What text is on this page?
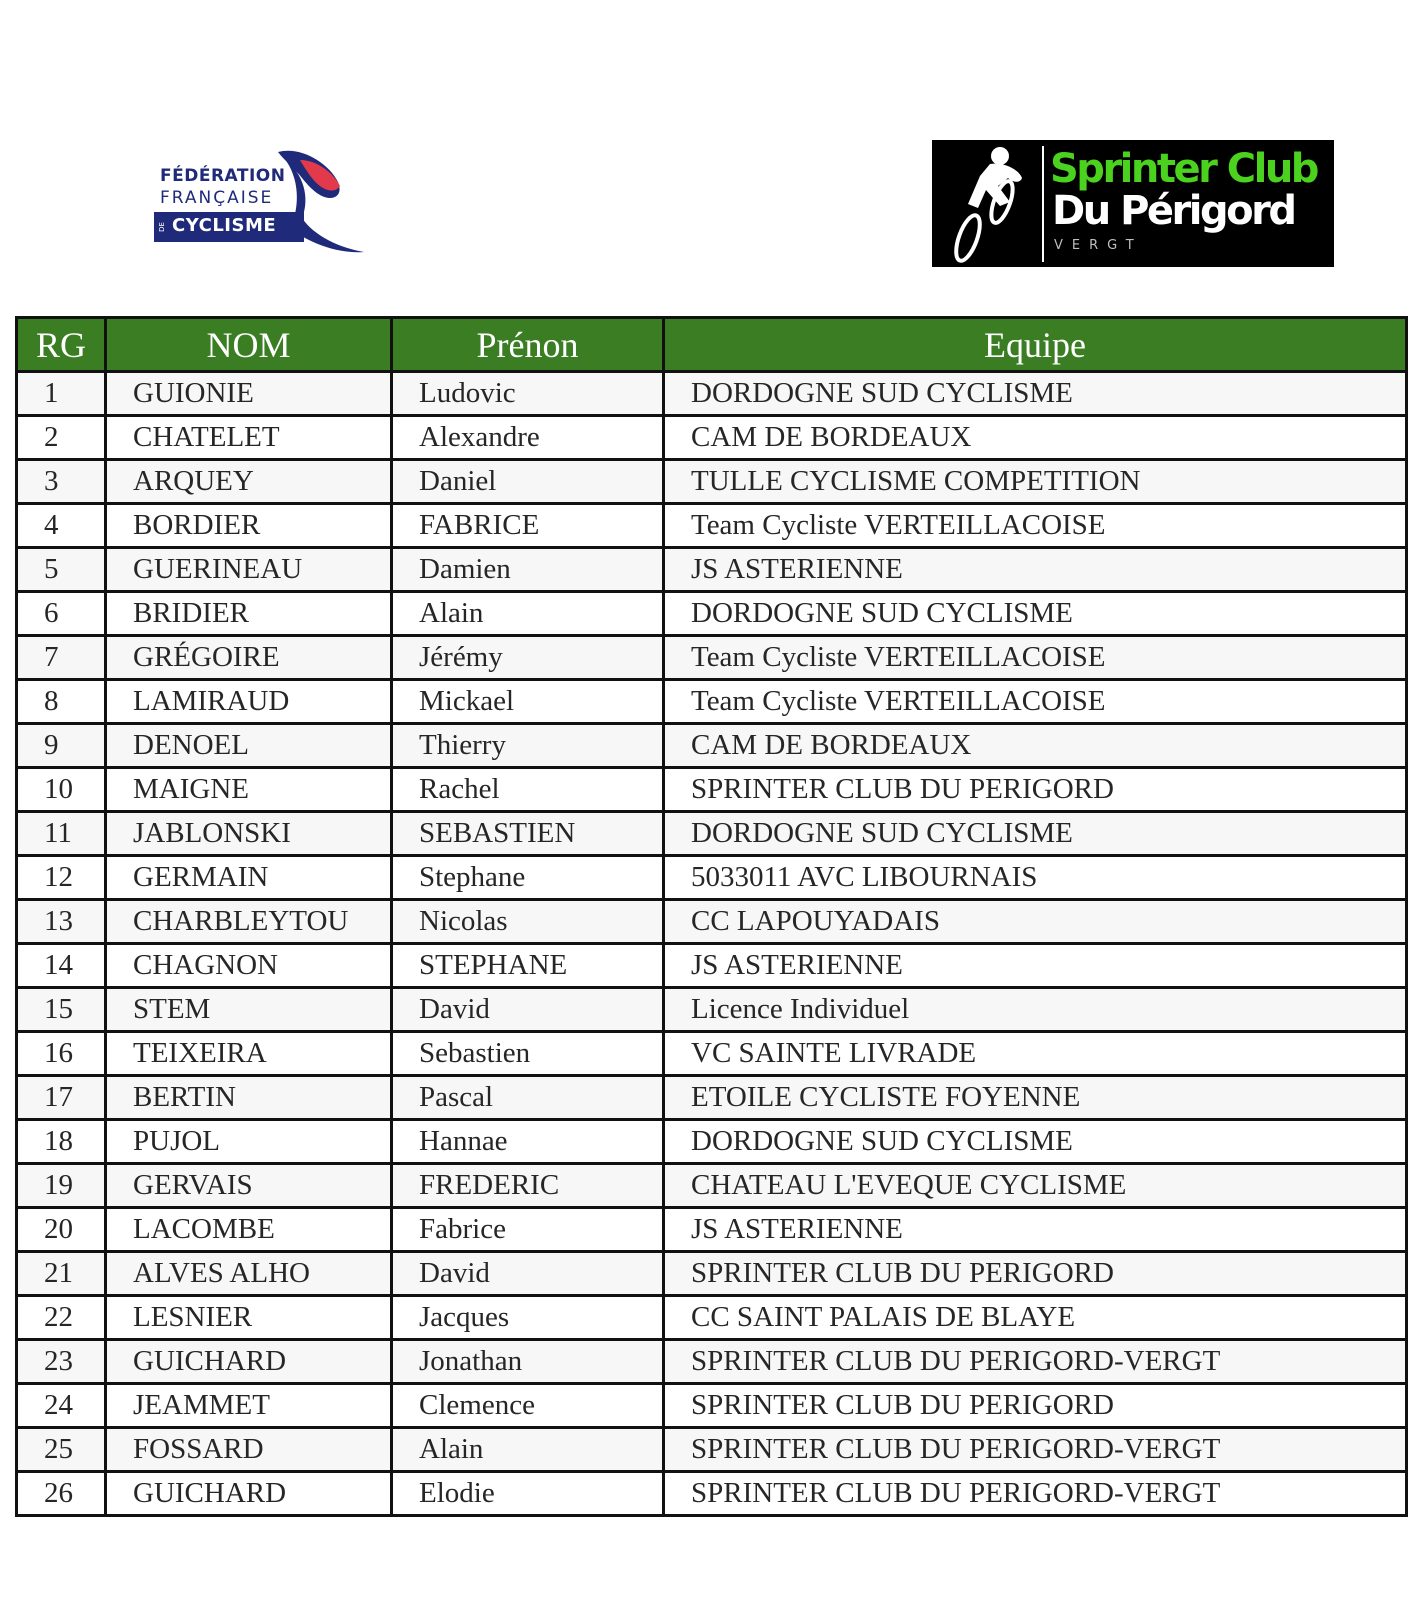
FÉDÉRATION
FRANÇAISE
DE CYCLISME
Sprinter Club
Du Périgord
VERGT
RG	NOM	Prénon	Equipe
1	GUIONIE	Ludovic	DORDOGNE SUD CYCLISME
2	CHATELET	Alexandre	CAM DE BORDEAUX
3	ARQUEY	Daniel	TULLE CYCLISME COMPETITION
4	BORDIER	FABRICE	Team Cycliste VERTEILLACOISE
5	GUERINEAU	Damien	JS ASTERIENNE
6	BRIDIER	Alain	DORDOGNE SUD CYCLISME
7	GRÉGOIRE	Jérémy	Team Cycliste VERTEILLACOISE
8	LAMIRAUD	Mickael	Team Cycliste VERTEILLACOISE
9	DENOEL	Thierry	CAM DE BORDEAUX
10	MAIGNE	Rachel	SPRINTER CLUB DU PERIGORD
11	JABLONSKI	SEBASTIEN	DORDOGNE SUD CYCLISME
12	GERMAIN	Stephane	5033011 AVC LIBOURNAIS
13	CHARBLEYTOU	Nicolas	CC LAPOUYADAIS
14	CHAGNON	STEPHANE	JS ASTERIENNE
15	STEM	David	Licence Individuel
16	TEIXEIRA	Sebastien	VC SAINTE LIVRADE
17	BERTIN	Pascal	ETOILE CYCLISTE FOYENNE
18	PUJOL	Hannae	DORDOGNE SUD CYCLISME
19	GERVAIS	FREDERIC	CHATEAU L'EVEQUE CYCLISME
20	LACOMBE	Fabrice	JS ASTERIENNE
21	ALVES ALHO	David	SPRINTER CLUB DU PERIGORD
22	LESNIER	Jacques	CC SAINT PALAIS DE BLAYE
23	GUICHARD	Jonathan	SPRINTER CLUB DU PERIGORD-VERGT
24	JEAMMET	Clemence	SPRINTER CLUB DU PERIGORD
25	FOSSARD	Alain	SPRINTER CLUB DU PERIGORD-VERGT
26	GUICHARD	Elodie	SPRINTER CLUB DU PERIGORD-VERGT
